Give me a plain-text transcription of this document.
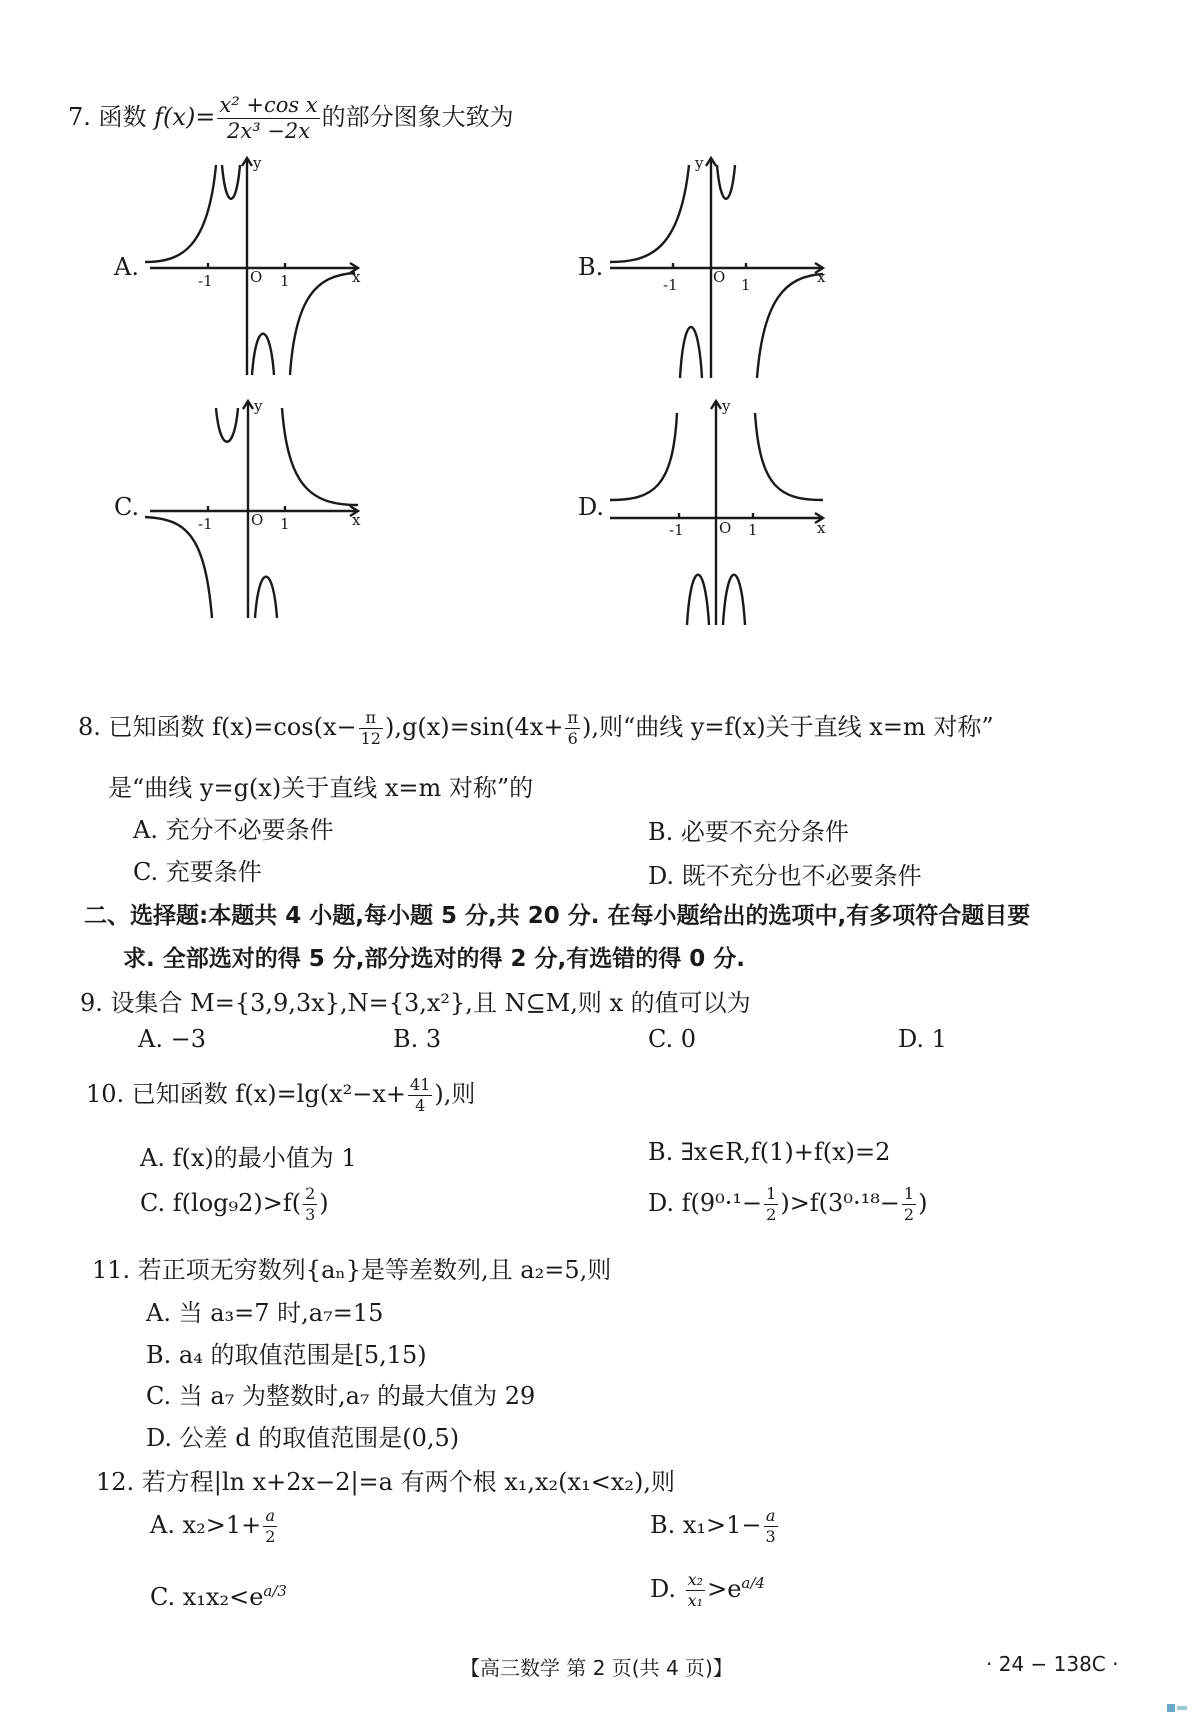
7. 函数 $f(x)= \frac{\text{x² +cos x}}{\text{2x³ −2x}}$ 的部分图象大致为
A.	B.
C.	D.
y
x
O
-1	1
y
x
O
-1	1
y
x
O
-1	1
y
x
O
-1	1
8. 已知函数 $f(x)=\cos(x- \frac{\pi}{12} ),g(x)=\sin(4x+ \frac{\pi}{6}$ ),则“曲线 y=f(x)关于直线 x=m 对称”
是“曲线 y=g(x)关于直线 x=m 对称”的
A. 充分不必要条件	B. 必要不充分条件
C. 充要条件	D. 既不充分也不必要条件
二、选择题:本题共 4 小题,每小题 5 分,共 20 分. 在每小题给出的选项中,有多项符合题目要
求. 全部选对的得 5 分,部分选对的得 2 分,有选错的得 0 分.
9. 设集合 M={3,9,3x},N={3,x²},且 N⊆M,则 x 的值可以为
A. −3	B. 3	C. 0	D. 1
10. 已知函数 $f(x)=\lg(x^2-x+ \frac{41}{4}$ ),则
A. f(x)的最小值为 1	B. ∃x∈R,f(1)+f(x)=2
C. $f(\log_92)>f( \frac{2}{3}$ )	D. $f(9^0\cdot^1- \frac{1}{2} )>f(3^0\cdot^{18}- \frac{1}{2}$ )
11. 若正项无穷数列{aₙ}是等差数列,且 a₂=5,则
A. 当 a₃=7 时,a₇=15
B. a₄ 的取值范围是[5,15)
C. 当 a₇ 为整数时,a₇ 的最大值为 29
D. 公差 d 的取值范围是(0,5)
12. 若方程|ln x+2x−2|=a 有两个根 x₁,x₂(x₁<x₂),则
A. $x_2>1+ \frac{a}{2}$	B. $x_1>1- \frac{a}{3}$
C. $x_1x_2<e^{a/3}$	D. $\frac{\text{x₂}}{\text{x₁}} >e^{a/4}$
【高三数学 第 2 页(共 4 页)】	· 24 − 138C ·
